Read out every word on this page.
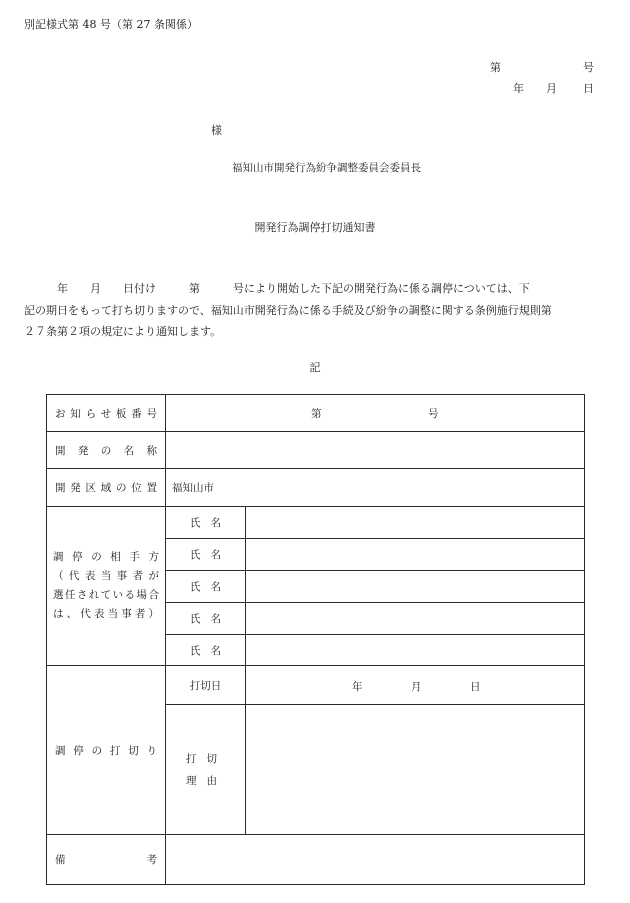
別記様式第 48 号（第 27 条関係）
第	号
年 月 日
様
福知山市開発行為紛争調整委員会委員長
開発行為調停打切通知書
　　　年　　月　　日付け　　　第　　　号により開始した下記の開発行為に係る調停については、下
記の期日をもって打ち切りますので、福知山市開発行為に係る手続及び紛争の調整に関する条例施行規則第
２７条第２項の規定により通知します。
記
お知らせ板番号	第 号	

開発の名称		
開発区域の位置	福知山市	

調停の相手方
（代表当事者が
選任されている場合
は、代表当事者）	氏名	
	氏名	
	氏名	
	氏名	
	氏名	
調停の打切り	打切日	年 月 日

	打切
理由	

備考		
